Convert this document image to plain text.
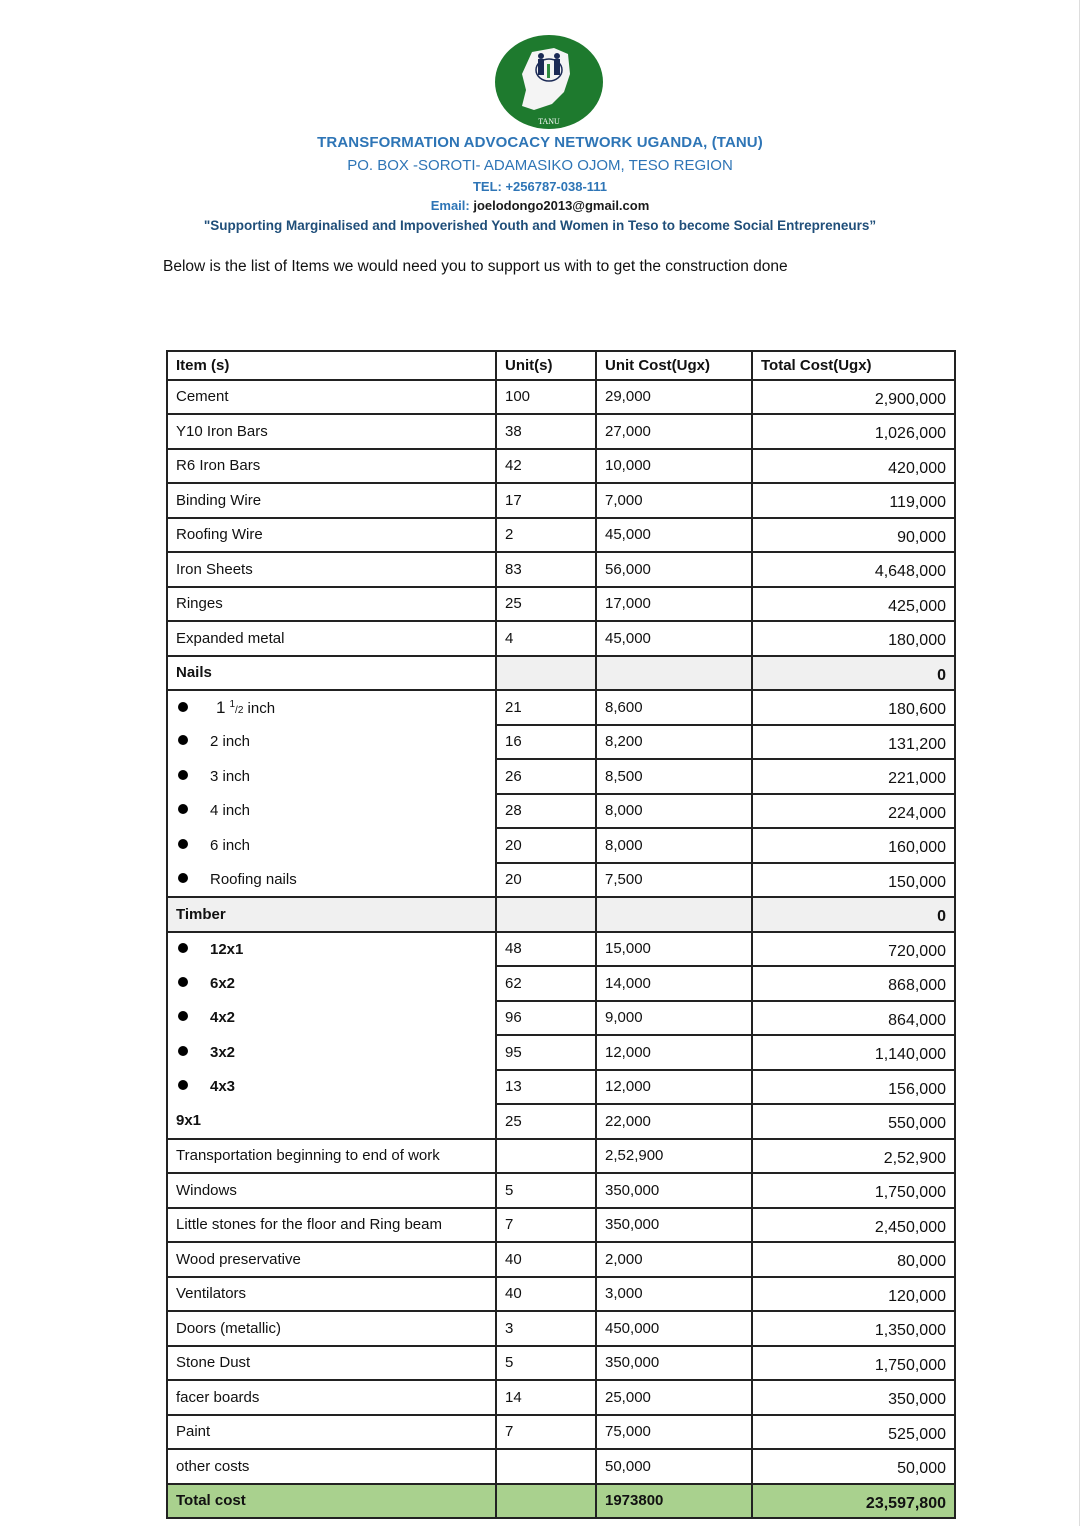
TANU
TRANSFORMATION ADVOCACY NETWORK UGANDA, (TANU)
PO. BOX -SOROTI- ADAMASIKO OJOM, TESO REGION
TEL: +256787-038-111
Email: joelodongo2013@gmail.com
"Supporting Marginalised and Impoverished Youth and Women in Teso to become Social Entrepreneurs”
Below is the list of Items we would need you to support us with to get the construction done
Item (s)	Unit(s)	Unit Cost(Ugx)	Total Cost(Ugx)
Cement	100	29,000	2,900,000
Y10 Iron Bars	38	27,000	1,026,000
R6 Iron Bars	42	10,000	420,000
Binding Wire	17	7,000	119,000
Roofing Wire	2	45,000	90,000
Iron Sheets	83	56,000	4,648,000
Ringes	25	17,000	425,000
Expanded metal	4	45,000	180,000
Nails			0
1 $^1$/2 inch	21	8,600	180,600
2 inch	16	8,200	131,200
3 inch	26	8,500	221,000
4 inch	28	8,000	224,000
6 inch	20	8,000	160,000
Roofing nails	20	7,500	150,000
Timber			0
12x1	48	15,000	720,000
6x2	62	14,000	868,000
4x2	96	9,000	864,000
3x2	95	12,000	1,140,000
4x3	13	12,000	156,000
9x1	25	22,000	550,000
Transportation beginning to end of work		2,52,900	2,52,900
Windows	5	350,000	1,750,000
Little stones for the floor and Ring beam	7	350,000	2,450,000
Wood preservative	40	2,000	80,000
Ventilators	40	3,000	120,000
Doors (metallic)	3	450,000	1,350,000
Stone Dust	5	350,000	1,750,000
facer boards	14	25,000	350,000
Paint	7	75,000	525,000
other costs		50,000	50,000
Total cost		1973800	23,597,800
